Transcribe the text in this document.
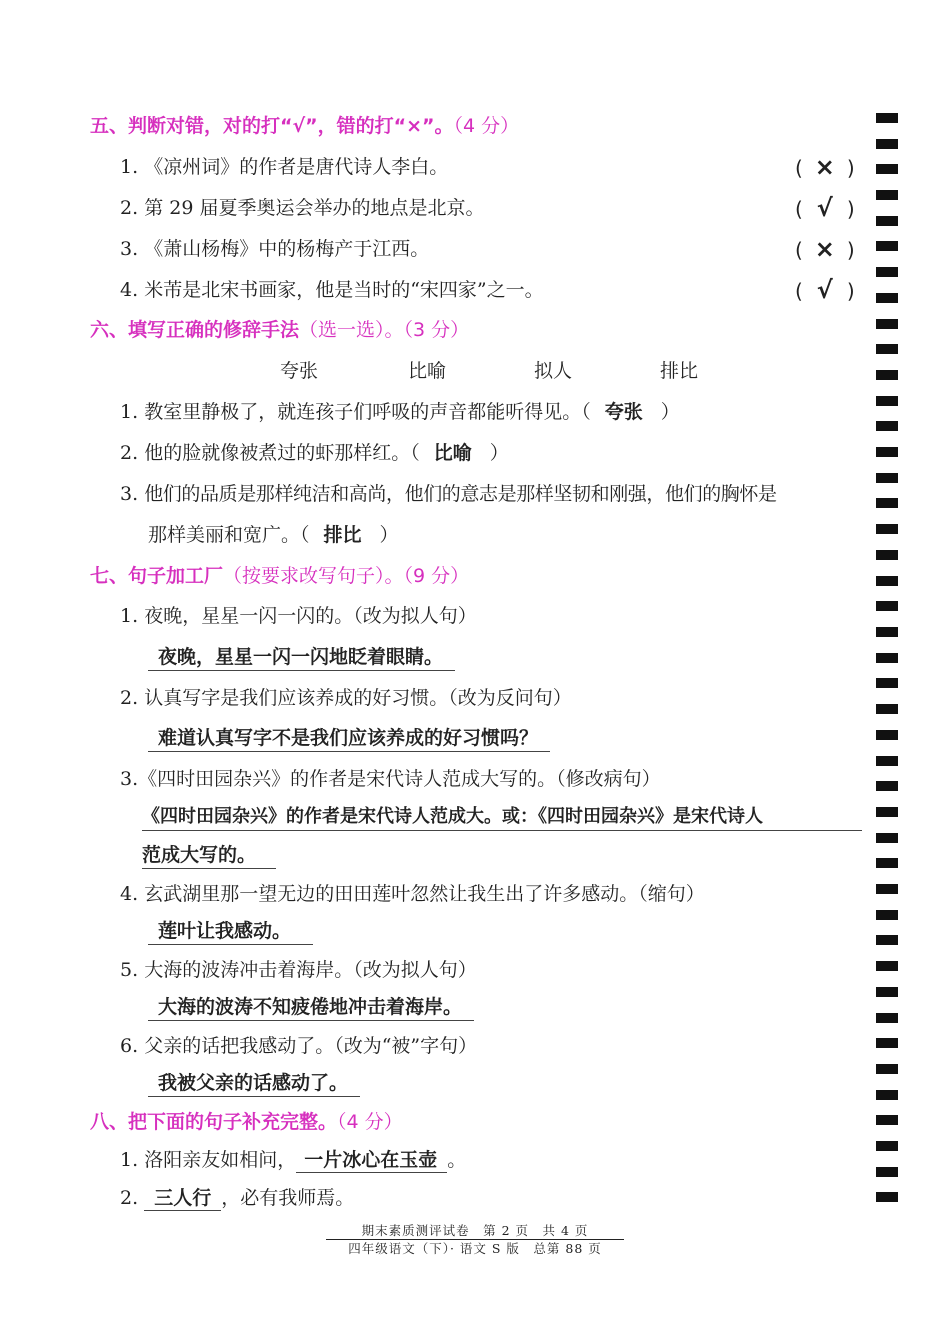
五、判断对错，对的打“√”，错的打“×”。（4 分）
1. 《凉州词》的作者是唐代诗人李白。	( × )
2. 第 29 届夏季奥运会举办的地点是北京。	( √ )
3. 《萧山杨梅》中的杨梅产于江西。	( × )
4. 米芾是北宋书画家，他是当时的“宋四家”之一。	( √ )
六、填写正确的修辞手法（选一选）。（3 分）
夸张	比喻	拟人	排比
1. 教室里静极了，就连孩子们呼吸的声音都能听得见。（ 夸张 ）
2. 他的脸就像被煮过的虾那样红。（ 比喻 ）
3. 他们的品质是那样纯洁和高尚，他们的意志是那样坚韧和刚强，他们的胸怀是
那样美丽和宽广。（ 排比 ）
七、句子加工厂（按要求改写句子）。（9 分）
1. 夜晚，星星一闪一闪的。（改为拟人句）
夜晚，星星一闪一闪地眨着眼睛。
2. 认真写字是我们应该养成的好习惯。（改为反问句）
难道认真写字不是我们应该养成的好习惯吗？
3.《四时田园杂兴》的作者是宋代诗人范成大写的。（修改病句）
《四时田园杂兴》的作者是宋代诗人范成大。或：《四时田园杂兴》是宋代诗人
范成大写的。
4. 玄武湖里那一望无边的田田莲叶忽然让我生出了许多感动。（缩句）
莲叶让我感动。
5. 大海的波涛冲击着海岸。（改为拟人句）
大海的波涛不知疲倦地冲击着海岸。
6. 父亲的话把我感动了。（改为“被”字句）
我被父亲的话感动了。
八、把下面的句子补充完整。（4 分）
1. 洛阳亲友如相问， 一片冰心在玉壶 。
2. 三人行 ，必有我师焉。
期末素质测评试卷　第 2 页　共 4 页
四年级语文（下）· 语文 S 版　总第 88 页
